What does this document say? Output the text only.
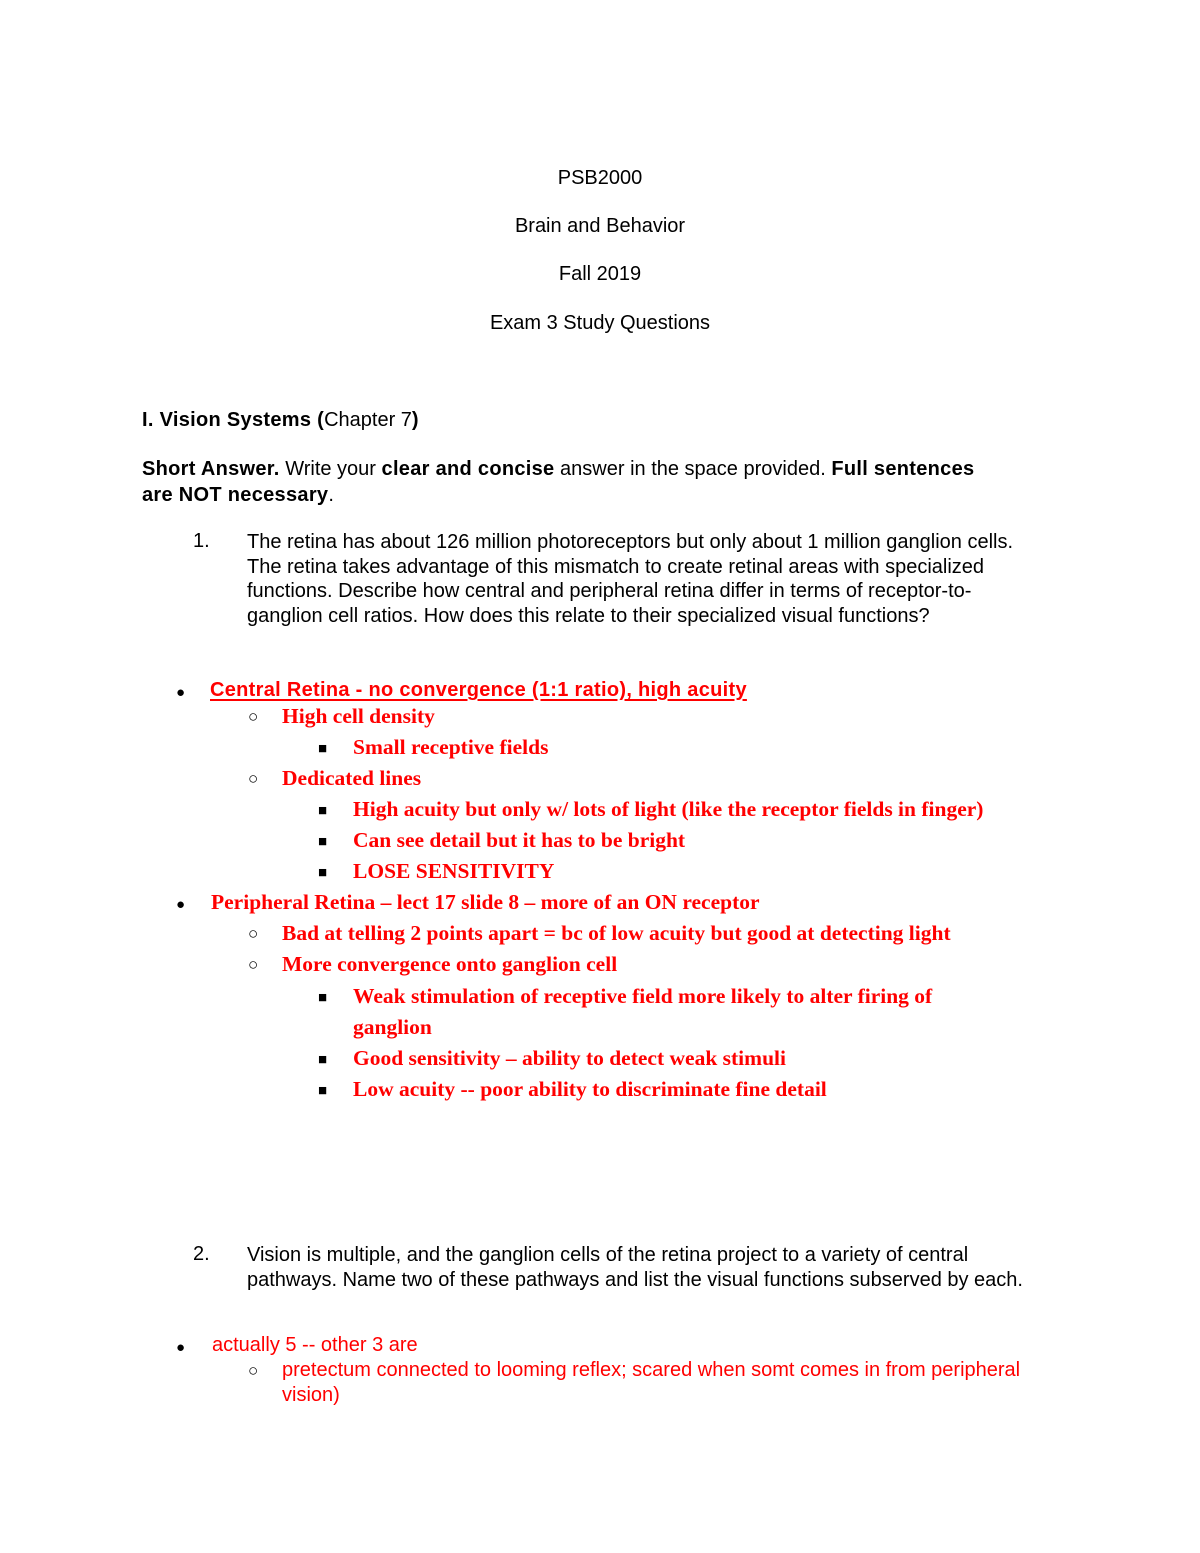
PSB2000
Brain and Behavior
Fall 2019
Exam 3 Study Questions
I. Vision Systems (Chapter 7)
Short Answer. Write your clear and concise answer in the space provided. Full sentences
are NOT necessary.
1. The retina has about 126 million photoreceptors but only about 1 million ganglion cells. The retina takes advantage of this mismatch to create retinal areas with specialized functions. Describe how central and peripheral retina differ in terms of receptor-to-ganglion cell ratios. How does this relate to their specialized visual functions?
● Central Retina - no convergence (1:1 ratio), high acuity
○ High cell density
■ Small receptive fields
○ Dedicated lines
■ High acuity but only w/ lots of light (like the receptor fields in finger)
■ Can see detail but it has to be bright
■ LOSE SENSITIVITY
● Peripheral Retina – lect 17 slide 8 – more of an ON receptor
○ Bad at telling 2 points apart = bc of low acuity but good at detecting light
○ More convergence onto ganglion cell
■ Weak stimulation of receptive field more likely to alter firing of
ganglion
■ Good sensitivity – ability to detect weak stimuli
■ Low acuity -- poor ability to discriminate fine detail
2. Vision is multiple, and the ganglion cells of the retina project to a variety of central pathways. Name two of these pathways and list the visual functions subserved by each.
● actually 5 -- other 3 are
○ pretectum connected to looming reflex; scared when somt comes in from peripheral
vision)
